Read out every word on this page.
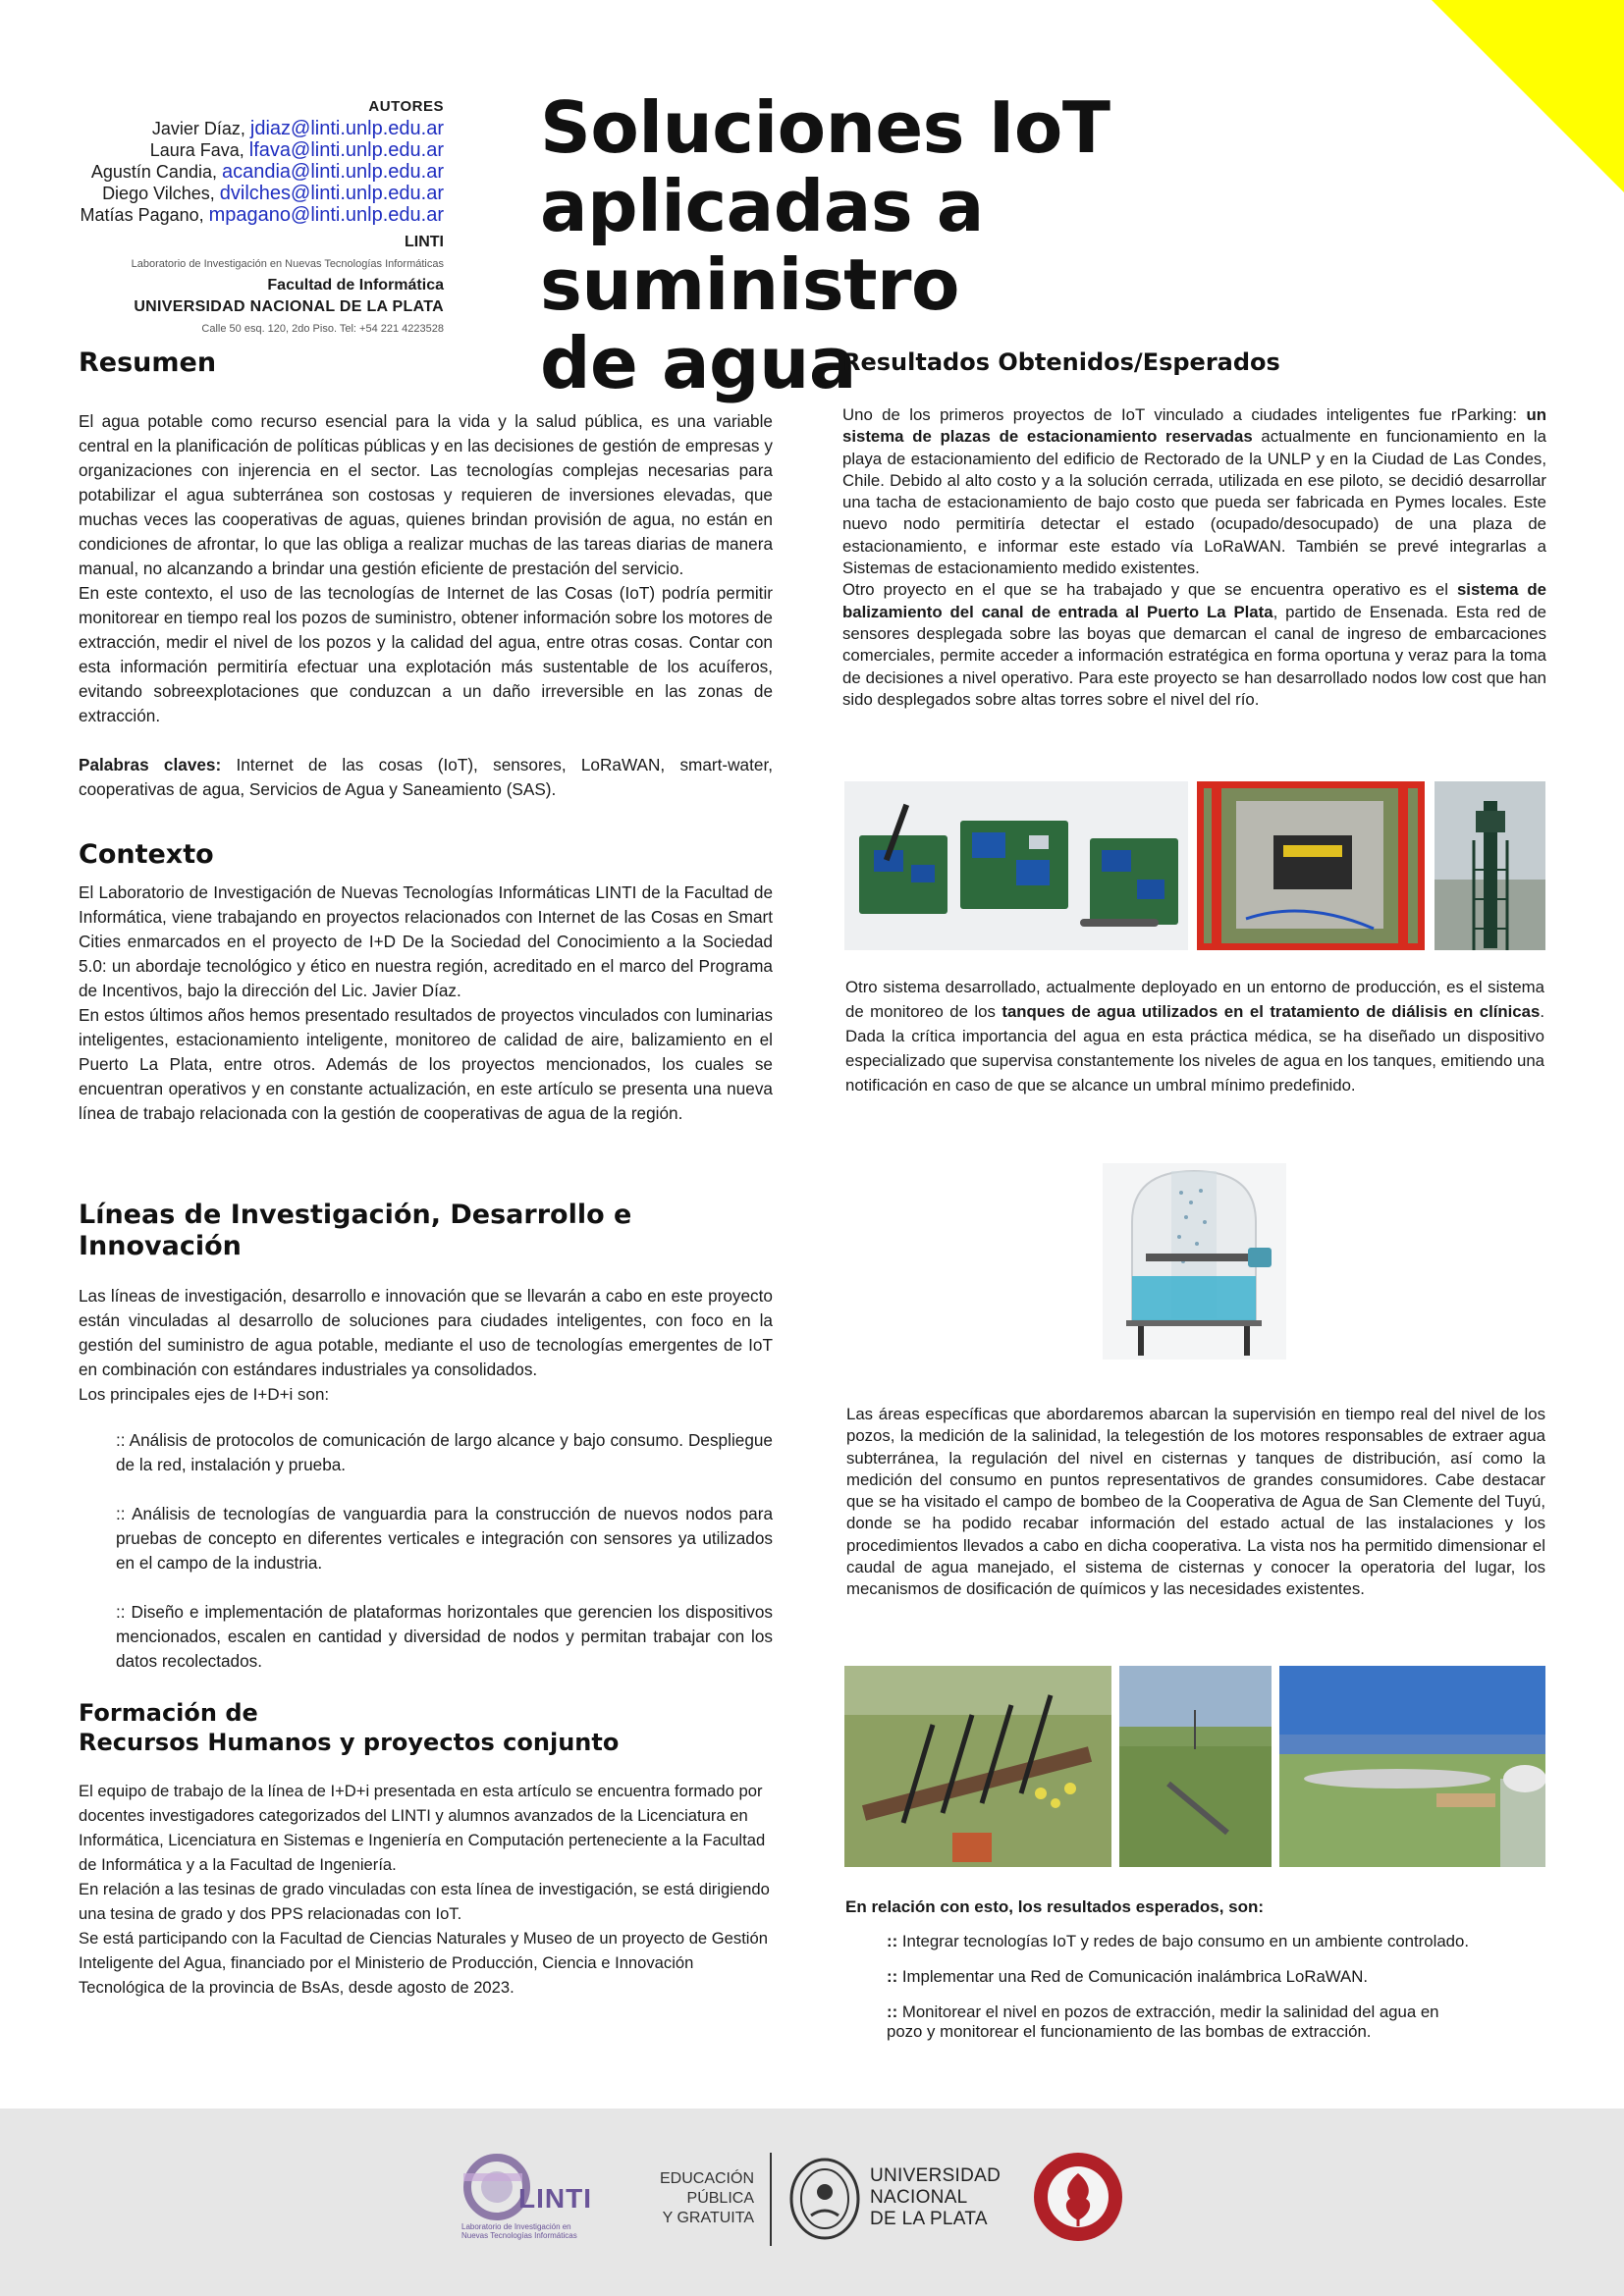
AUTORES
Javier Díaz, jdiaz@linti.unlp.edu.ar
Laura Fava, lfava@linti.unlp.edu.ar
Agustín Candia, acandia@linti.unlp.edu.ar
Diego Vilches, dvilches@linti.unlp.edu.ar
Matías Pagano, mpagano@linti.unlp.edu.ar
LINTI
Laboratorio de Investigación en Nuevas Tecnologías Informáticas
Facultad de Informática
UNIVERSIDAD NACIONAL DE LA PLATA
Calle 50 esq. 120, 2do Piso. Tel: +54 221 4223528
Soluciones IoT
aplicadas a suministro
de agua
Resumen

El agua potable como recurso esencial para la vida y la salud pública, es una variable central en la planificación de políticas públicas y en las decisiones de gestión de empresas y organizaciones con injerencia en el sector. Las tecnologías complejas necesarias para potabilizar el agua subterránea son costosas y requieren de inversiones elevadas, que muchas veces las cooperativas de aguas, quienes brindan provisión de agua, no están en condiciones de afrontar, lo que las obliga a realizar muchas de las tareas diarias de manera manual, no alcanzando a brindar una gestión eficiente de prestación del servicio.

En este contexto, el uso de las tecnologías de Internet de las Cosas (IoT) podría permitir monitorear en tiempo real los pozos de suministro, obtener información sobre los motores de extracción, medir el nivel de los pozos y la calidad del agua, entre otras cosas. Contar con esta información permitiría efectuar una explotación más sustentable de los acuíferos, evitando sobreexplotaciones que conduzcan a un daño irreversible en las zonas de extracción.

Palabras claves: Internet de las cosas (IoT), sensores, LoRaWAN, smart-water, cooperativas de agua, Servicios de Agua y Saneamiento (SAS).

Contexto

El Laboratorio de Investigación de Nuevas Tecnologías Informáticas LINTI de la Facultad de Informática, viene trabajando en proyectos relacionados con Internet de las Cosas en Smart Cities enmarcados en el proyecto de I+D De la Sociedad del Conocimiento a la Sociedad 5.0: un abordaje tecnológico y ético en nuestra región, acreditado en el marco del Programa de Incentivos, bajo la dirección del Lic. Javier Díaz.

En estos últimos años hemos presentado resultados de proyectos vinculados con luminarias inteligentes, estacionamiento inteligente, monitoreo de calidad de aire, balizamiento en el Puerto La Plata, entre otros. Además de los proyectos mencionados, los cuales se encuentran operativos y en constante actualización, en este artículo se presenta una nueva línea de trabajo relacionada con la gestión de cooperativas de agua de la región.

Líneas de Investigación, Desarrollo e Innovación

Las líneas de investigación, desarrollo e innovación que se llevarán a cabo en este proyecto están vinculadas al desarrollo de soluciones para ciudades inteligentes, con foco en la gestión del suministro de agua potable, mediante el uso de tecnologías emergentes de IoT en combinación con estándares industriales ya consolidados.

Los principales ejes de I+D+i son:

:: Análisis de protocolos de comunicación de largo alcance y bajo consumo. Despliegue de la red, instalación y prueba.

:: Análisis de tecnologías de vanguardia para la construcción de nuevos nodos para pruebas de concepto en diferentes verticales e integración con sensores ya utilizados en el campo de la industria.

:: Diseño e implementación de plataformas horizontales que gerencien los dispositivos mencionados, escalen en cantidad y diversidad de nodos y permitan trabajar con los datos recolectados.

Formación de
Recursos Humanos y proyectos conjunto

El equipo de trabajo de la línea de I+D+i presentada en esta artículo se encuentra formado por docentes investigadores categorizados del LINTI y alumnos avanzados de la Licenciatura en Informática, Licenciatura en Sistemas e Ingeniería en Computación perteneciente a la Facultad de Informática y a la Facultad de Ingeniería.

En relación a las tesinas de grado vinculadas con esta línea de investigación, se está dirigiendo una tesina de grado y dos PPS relacionadas con IoT.

Se está participando con la Facultad de Ciencias Naturales y Museo de un proyecto de Gestión Inteligente del Agua, financiado por el Ministerio de Producción, Ciencia e Innovación Tecnológica de la provincia de BsAs, desde agosto de 2023.

Resultados Obtenidos/Esperados

Uno de los primeros proyectos de IoT vinculado a ciudades inteligentes fue rParking: un sistema de plazas de estacionamiento reservadas actualmente en funcionamiento en la playa de estacionamiento del edificio de Rectorado de la UNLP y en la Ciudad de Las Condes, Chile. Debido al alto costo y a la solución cerrada, utilizada en ese piloto, se decidió desarrollar una tacha de estacionamiento de bajo costo que pueda ser fabricada en Pymes locales. Este nuevo nodo permitiría detectar el estado (ocupado/desocupado) de una plaza de estacionamiento, e informar este estado vía LoRaWAN. También se prevé integrarlas a Sistemas de estacionamiento medido existentes.

Otro proyecto en el que se ha trabajado y que se encuentra operativo es el sistema de balizamiento del canal de entrada al Puerto La Plata, partido de Ensenada. Esta red de sensores desplegada sobre las boyas que demarcan el canal de ingreso de embarcaciones comerciales, permite acceder a información estratégica en forma oportuna y veraz para la toma de decisiones a nivel operativo. Para este proyecto se han desarrollado nodos low cost que han sido desplegados sobre altas torres sobre el nivel del río.

Otro sistema desarrollado, actualmente deployado en un entorno de producción, es el sistema de monitoreo de los tanques de agua utilizados en el tratamiento de diálisis en clínicas. Dada la crítica importancia del agua en esta práctica médica, se ha diseñado un dispositivo especializado que supervisa constantemente los niveles de agua en los tanques, emitiendo una notificación en caso de que se alcance un umbral mínimo predefinido.

Las áreas específicas que abordaremos abarcan la supervisión en tiempo real del nivel de los pozos, la medición de la salinidad, la telegestión de los motores responsables de extraer agua subterránea, la regulación del nivel en cisternas y tanques de distribución, así como la medición del consumo en puntos representativos de grandes consumidores. Cabe destacar que se ha visitado el campo de bombeo de la Cooperativa de Agua de San Clemente del Tuyú, donde se ha podido recabar información del estado actual de las instalaciones y los procedimientos llevados a cabo en dicha cooperativa. La vista nos ha permitido dimensionar el caudal de agua manejado, el sistema de cisternas y conocer la operatoria del lugar, los mecanismos de dosificación de químicos y las necesidades existentes.

En relación con esto, los resultados esperados, son:

:: Integrar tecnologías IoT y redes de bajo consumo en un ambiente controlado.

:: Implementar una Red de Comunicación inalámbrica LoRaWAN.

:: Monitorear el nivel en pozos de extracción, medir la salinidad del agua en pozo y monitorear el funcionamiento de las bombas de extracción.

LINTI
Laboratorio de Investigación en Nuevas Tecnologías Informáticas
EDUCACIÓN
PÚBLICA
Y GRATUITA
UNIVERSIDAD
NACIONAL
DE LA PLATA
